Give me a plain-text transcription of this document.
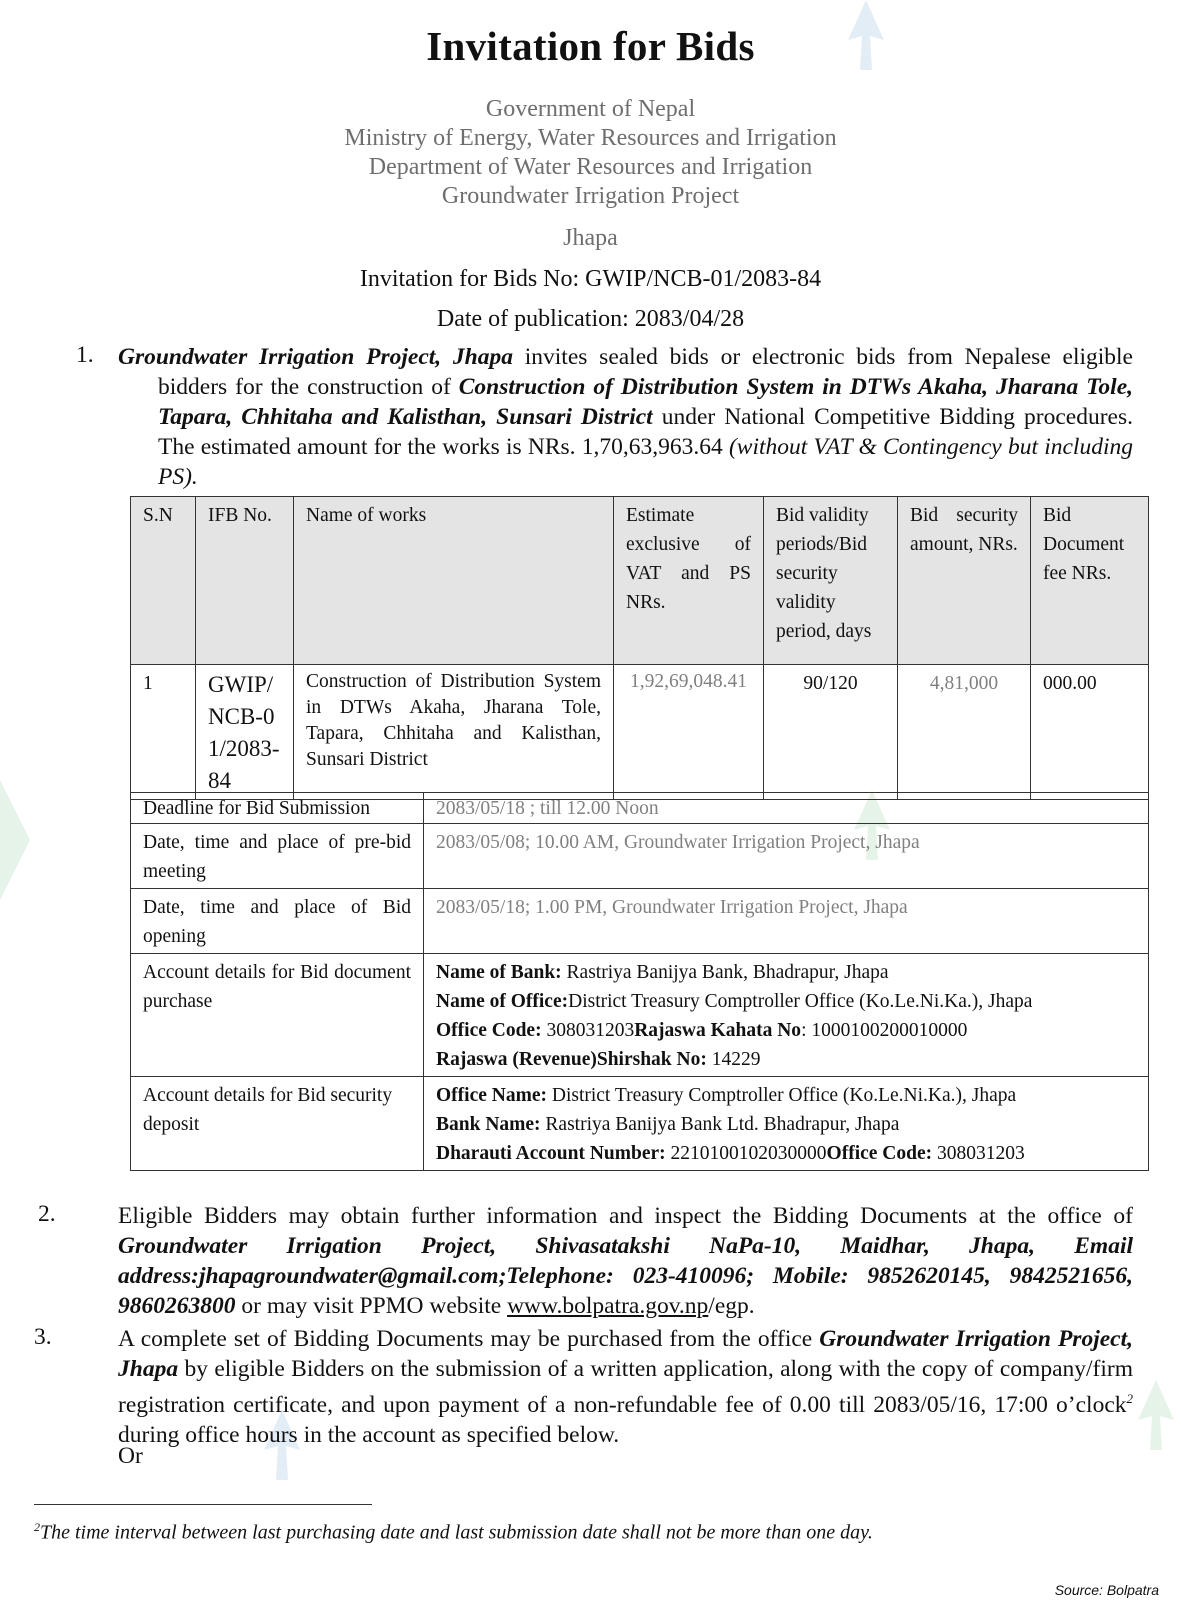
Invitation for Bids
Government of Nepal
Ministry of Energy, Water Resources and Irrigation
Department of Water Resources and Irrigation
Groundwater Irrigation Project
Jhapa
Invitation for Bids No: GWIP/NCB-01/2083-84
Date of publication: 2083/04/28
1. Groundwater Irrigation Project, Jhapa invites sealed bids or electronic bids from Nepalese eligible bidders for the construction of Construction of Distribution System in DTWs Akaha, Jharana Tole, Tapara, Chhitaha and Kalisthan, Sunsari District under National Competitive Bidding procedures. The estimated amount for the works is NRs. 1,70,63,963.64 (without VAT & Contingency but including PS).
S.N	IFB No.	Name of works	Estimate exclusive of VAT and PS NRs.	Bid validity periods/Bid security validity period, days	Bid security amount, NRs.	Bid Document fee NRs.
1	GWIP/ NCB-01/2083-84	Construction of Distribution System in DTWs Akaha, Jharana Tole, Tapara, Chhitaha and Kalisthan, Sunsari District	1,92,69,048.41	90/120	4,81,000	000.00
Deadline for Bid Submission	2083/05/18 ; till 12.00 Noon
Date, time and place of pre-bid meeting	2083/05/08; 10.00 AM, Groundwater Irrigation Project, Jhapa
Date, time and place of Bid opening	2083/05/18; 1.00 PM, Groundwater Irrigation Project, Jhapa
Account details for Bid document purchase	Name of Bank: Rastriya Banijya Bank, Bhadrapur, Jhapa
Name of Office:District Treasury Comptroller Office (Ko.Le.Ni.Ka.), Jhapa
Office Code: 308031203Rajaswa Kahata No: 1000100200010000
Rajaswa (Revenue)Shirshak No: 14229

Account details for Bid security deposit	Office Name: District Treasury Comptroller Office (Ko.Le.Ni.Ka.), Jhapa
Bank Name: Rastriya Banijya Bank Ltd. Bhadrapur, Jhapa
Dharauti Account Number: 2210100102030000Office Code: 308031203
2.	Eligible Bidders may obtain further information and inspect the Bidding Documents at the office of Groundwater Irrigation Project, Shivasatakshi NaPa-10, Maidhar, Jhapa, Email address:jhapagroundwater@gmail.com;Telephone: 023-410096; Mobile: 9852620145, 9842521656, 9860263800 or may visit PPMO website www.bolpatra.gov.np/egp.
3.	A complete set of Bidding Documents may be purchased from the office Groundwater Irrigation Project, Jhapa by eligible Bidders on the submission of a written application, along with the copy of company/firm registration certificate, and upon payment of a non-refundable fee of 0.00 till 2083/05/16, 17:00 o’clock$^2$ during office hours in the account as specified below.
Or
$^2$The time interval between last purchasing date and last submission date shall not be more than one day.
Source: Bolpatra
